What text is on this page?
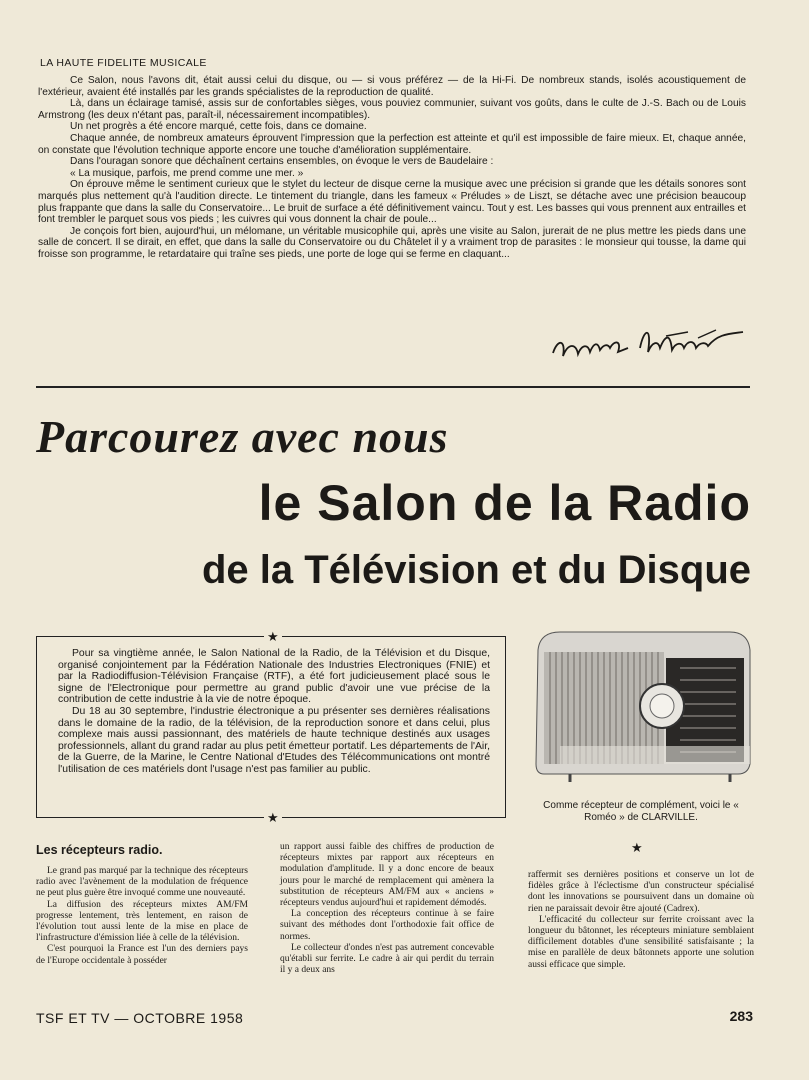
LA HAUTE FIDELITE MUSICALE

Ce Salon, nous l'avons dit, était aussi celui du disque, ou — si vous préférez — de la Hi-Fi. De nombreux stands, isolés acoustiquement de l'extérieur, avaient été installés par les grands spécialistes de la reproduction de qualité.

Là, dans un éclairage tamisé, assis sur de confortables sièges, vous pouviez communier, suivant vos goûts, dans le culte de J.-S. Bach ou de Louis Armstrong (les deux n'étant pas, paraît-il, nécessairement incompatibles).

Un net progrès a été encore marqué, cette fois, dans ce domaine.

Chaque année, de nombreux amateurs éprouvent l'impression que la perfection est atteinte et qu'il est impossible de faire mieux. Et, chaque année, on constate que l'évolution technique apporte encore une touche d'amélioration supplémentaire.

Dans l'ouragan sonore que déchaînent certains ensembles, on évoque le vers de Baudelaire :

« La musique, parfois, me prend comme une mer. »

On éprouve même le sentiment curieux que le stylet du lecteur de disque cerne la musique avec une précision si grande que les détails sonores sont marqués plus nettement qu'à l'audition directe. Le tintement du triangle, dans les fameux « Préludes » de Liszt, se détache avec une précision beaucoup plus frappante que dans la salle du Conservatoire... Le bruit de surface a été définitivement vaincu. Tout y est. Les basses qui vous prennent aux entrailles et font trembler le parquet sous vos pieds ; les cuivres qui vous donnent la chair de poule...

Je conçois fort bien, aujourd'hui, un mélomane, un véritable musicophile qui, après une visite au Salon, jurerait de ne plus mettre les pieds dans une salle de concert. Il se dirait, en effet, que dans la salle du Conservatoire ou du Châtelet il y a vraiment trop de parasites : le monsieur qui tousse, la dame qui froisse son programme, le retardataire qui traîne ses pieds, une porte de loge qui se ferme en claquant...

Parcourez avec nous
le Salon de la Radio
de la Télévision et du Disque
★
★

Pour sa vingtième année, le Salon National de la Radio, de la Télévision et du Disque, organisé conjointement par la Fédération Nationale des Industries Electroniques (FNIE) et par la Radiodiffusion-Télévision Française (RTF), a été fort judicieusement placé sous le signe de l'Electronique pour permettre au grand public d'avoir une vue précise de la contribution de cette industrie à la vie de notre époque.

Du 18 au 30 septembre, l'industrie électronique a pu présenter ses dernières réalisations dans le domaine de la radio, de la télévision, de la reproduction sonore et dans celui, plus complexe mais aussi passionnant, des matériels de haute technique destinés aux usages professionnels, allant du grand radar au plus petit émetteur portatif. Les départements de l'Air, de la Guerre, de la Marine, le Centre National d'Etudes des Télécommunications ont montré l'utilisation de ces matériels dont l'usage n'est pas familier au public.

Comme récepteur de complément, voici le « Roméo » de CLARVILLE.
Les récepteurs radio.

Le grand pas marqué par la technique des récepteurs radio avec l'avènement de la modulation de fréquence ne peut plus guère être invoqué comme une nouveauté.

La diffusion des récepteurs mixtes AM/FM progresse lentement, très lentement, en raison de l'évolution tout aussi lente de la mise en place de l'infrastructure d'émission liée à celle de la télévision.

C'est pourquoi la France est l'un des derniers pays de l'Europe occidentale à posséder

un rapport aussi faible des chiffres de production de récepteurs mixtes par rapport aux récepteurs en modulation d'amplitude. Il y a donc encore de beaux jours pour le marché de remplacement qui amènera la substitution de récepteurs AM/FM aux « anciens » récepteurs vendus aujourd'hui et rapidement démodés.

La conception des récepteurs continue à se faire suivant des méthodes dont l'orthodoxie fait office de normes.

Le collecteur d'ondes n'est pas autrement concevable qu'établi sur ferrite. Le cadre à air qui perdit du terrain il y a deux ans

★

raffermit ses dernières positions et conserve un lot de fidèles grâce à l'éclectisme d'un constructeur spécialisé dont les innovations se poursuivent dans un domaine où rien ne paraissait devoir être ajouté (Cadrex).

L'efficacité du collecteur sur ferrite croissant avec la longueur du bâtonnet, les récepteurs miniature semblaient difficilement dotables d'une sensibilité satisfaisante ; la mise en parallèle de deux bâtonnets apporte une solution aussi efficace que simple.

TSF ET TV — OCTOBRE 1958	283
